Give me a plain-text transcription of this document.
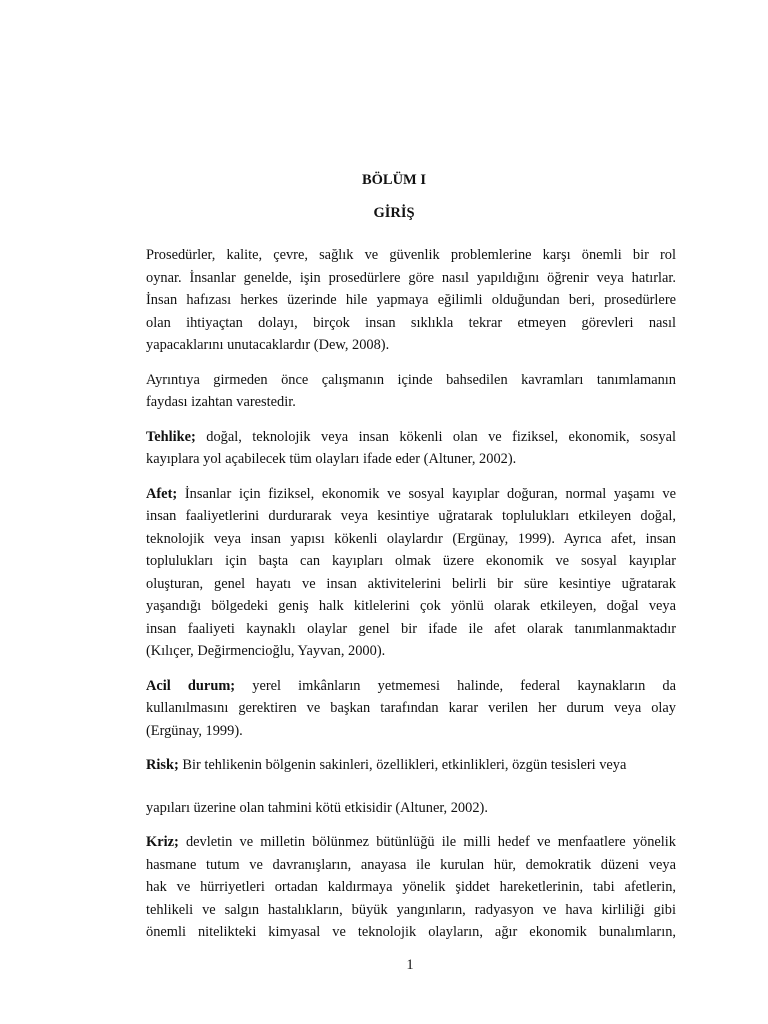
BÖLÜM I
GİRİŞ

Prosedürler, kalite, çevre, sağlık ve güvenlik problemlerine karşı önemli bir rol
oynar. İnsanlar genelde, işin prosedürlere göre nasıl yapıldığını öğrenir veya hatırlar.
İnsan hafızası herkes üzerinde hile yapmaya eğilimli olduğundan beri, prosedürlere
olan ihtiyaçtan dolayı, birçok insan sıklıkla tekrar etmeyen görevleri nasıl
yapacaklarını unutacaklardır (Dew, 2008).

Ayrıntıya girmeden önce çalışmanın içinde bahsedilen kavramları tanımlamanın
faydası izahtan varestedir.

Tehlike; doğal, teknolojik veya insan kökenli olan ve fiziksel, ekonomik, sosyal
kayıplara yol açabilecek tüm olayları ifade eder (Altuner, 2002).

Afet; İnsanlar için fiziksel, ekonomik ve sosyal kayıplar doğuran, normal yaşamı ve
insan faaliyetlerini durdurarak veya kesintiye uğratarak toplulukları etkileyen doğal,
teknolojik veya insan yapısı kökenli olaylardır (Ergünay, 1999). Ayrıca afet, insan
toplulukları için başta can kayıpları olmak üzere ekonomik ve sosyal kayıplar
oluşturan, genel hayatı ve insan aktivitelerini belirli bir süre kesintiye uğratarak
yaşandığı bölgedeki geniş halk kitlelerini çok yönlü olarak etkileyen, doğal veya
insan faaliyeti kaynaklı olaylar genel bir ifade ile afet olarak tanımlanmaktadır
(Kılıçer, Değirmencioğlu, Yayvan, 2000).

Acil durum; yerel imkânların yetmemesi halinde, federal kaynakların da
kullanılmasını gerektiren ve başkan tarafından karar verilen her durum veya olay
(Ergünay, 1999).

Risk; Bir tehlikenin bölgenin sakinleri, özellikleri, etkinlikleri, özgün tesisleri veya

yapıları üzerine olan tahmini kötü etkisidir (Altuner, 2002).

Kriz; devletin ve milletin bölünmez bütünlüğü ile milli hedef ve menfaatlere yönelik
hasmane tutum ve davranışların, anayasa ile kurulan hür, demokratik düzeni veya
hak ve hürriyetleri ortadan kaldırmaya yönelik şiddet hareketlerinin, tabi afetlerin,
tehlikeli ve salgın hastalıkların, büyük yangınların, radyasyon ve hava kirliliği gibi
önemli nitelikteki kimyasal ve teknolojik olayların, ağır ekonomik bunalımların,

1
